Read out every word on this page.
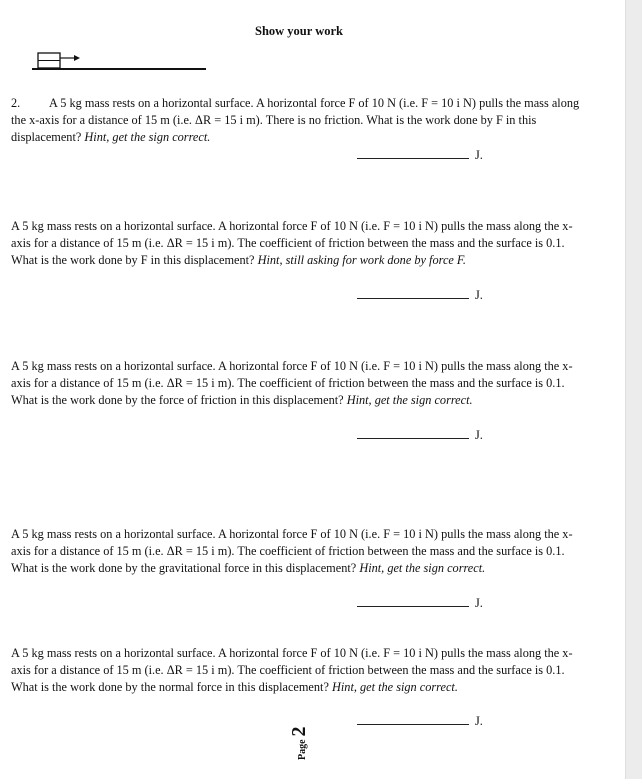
Show your work
2. A 5 kg mass rests on a horizontal surface. A horizontal force F of 10 N (i.e. F = 10 i N) pulls the mass along the x-axis for a distance of 15 m (i.e. ΔR = 15 i m). There is no friction. What is the work done by F in this displacement? Hint, get the sign correct.
J.
A 5 kg mass rests on a horizontal surface. A horizontal force F of 10 N (i.e. F = 10 i N) pulls the mass along the x-axis for a distance of 15 m (i.e. ΔR = 15 i m). The coefficient of friction between the mass and the surface is 0.1. What is the work done by F in this displacement? Hint, still asking for work done by force F.
J.
A 5 kg mass rests on a horizontal surface. A horizontal force F of 10 N (i.e. F = 10 i N) pulls the mass along the x-axis for a distance of 15 m (i.e. ΔR = 15 i m). The coefficient of friction between the mass and the surface is 0.1. What is the work done by the force of friction in this displacement? Hint, get the sign correct.
J.
A 5 kg mass rests on a horizontal surface. A horizontal force F of 10 N (i.e. F = 10 i N) pulls the mass along the x-axis for a distance of 15 m (i.e. ΔR = 15 i m). The coefficient of friction between the mass and the surface is 0.1. What is the work done by the gravitational force in this displacement? Hint, get the sign correct.
J.
A 5 kg mass rests on a horizontal surface. A horizontal force F of 10 N (i.e. F = 10 i N) pulls the mass along the x-axis for a distance of 15 m (i.e. ΔR = 15 i m). The coefficient of friction between the mass and the surface is 0.1. What is the work done by the normal force in this displacement? Hint, get the sign correct.
J.
Page2
